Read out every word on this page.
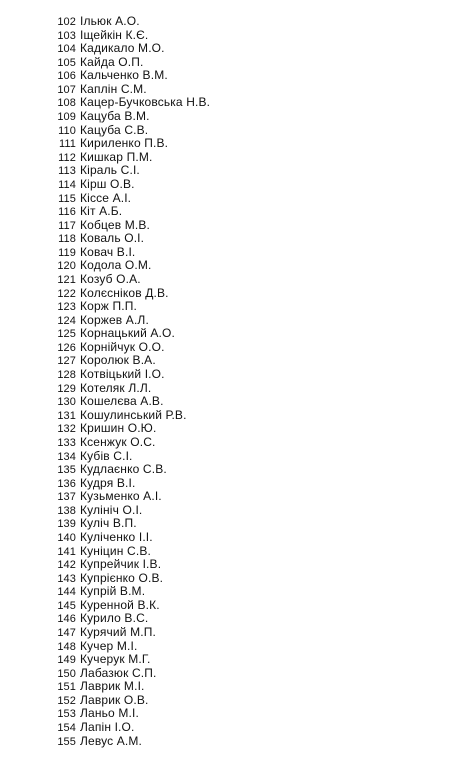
102 Ільюк А.О.
103 Іщейкін К.Є.
104 Кадикало М.О.
105 Кайда О.П.
106 Кальченко В.М.
107 Каплін С.М.
108 Кацер-Бучковська Н.В.
109 Кацуба В.М.
110 Кацуба С.В.
111 Кириленко П.В.
112 Кишкар П.М.
113 Кіраль С.І.
114 Кірш О.В.
115 Кіссе А.І.
116 Кіт А.Б.
117 Кобцев М.В.
118 Коваль О.І.
119 Ковач В.І.
120 Кодола О.М.
121 Козуб О.А.
122 Колєсніков Д.В.
123 Корж П.П.
124 Коржев А.Л.
125 Корнацький А.О.
126 Корнійчук О.О.
127 Королюк В.А.
128 Котвіцький І.О.
129 Котеляк Л.Л.
130 Кошелєва А.В.
131 Кошулинський Р.В.
132 Кришин О.Ю.
133 Ксенжук О.С.
134 Кубів С.І.
135 Кудлаєнко С.В.
136 Кудря В.І.
137 Кузьменко А.І.
138 Кулініч О.І.
139 Куліч В.П.
140 Куліченко І.І.
141 Куніцин С.В.
142 Купрейчик І.В.
143 Купрієнко О.В.
144 Купрій В.М.
145 Куренной В.К.
146 Курило В.С.
147 Курячий М.П.
148 Кучер М.І.
149 Кучерук М.Г.
150 Лабазюк С.П.
151 Лаврик М.І.
152 Лаврик О.В.
153 Ланьо М.І.
154 Лапін І.О.
155 Левус А.М.
